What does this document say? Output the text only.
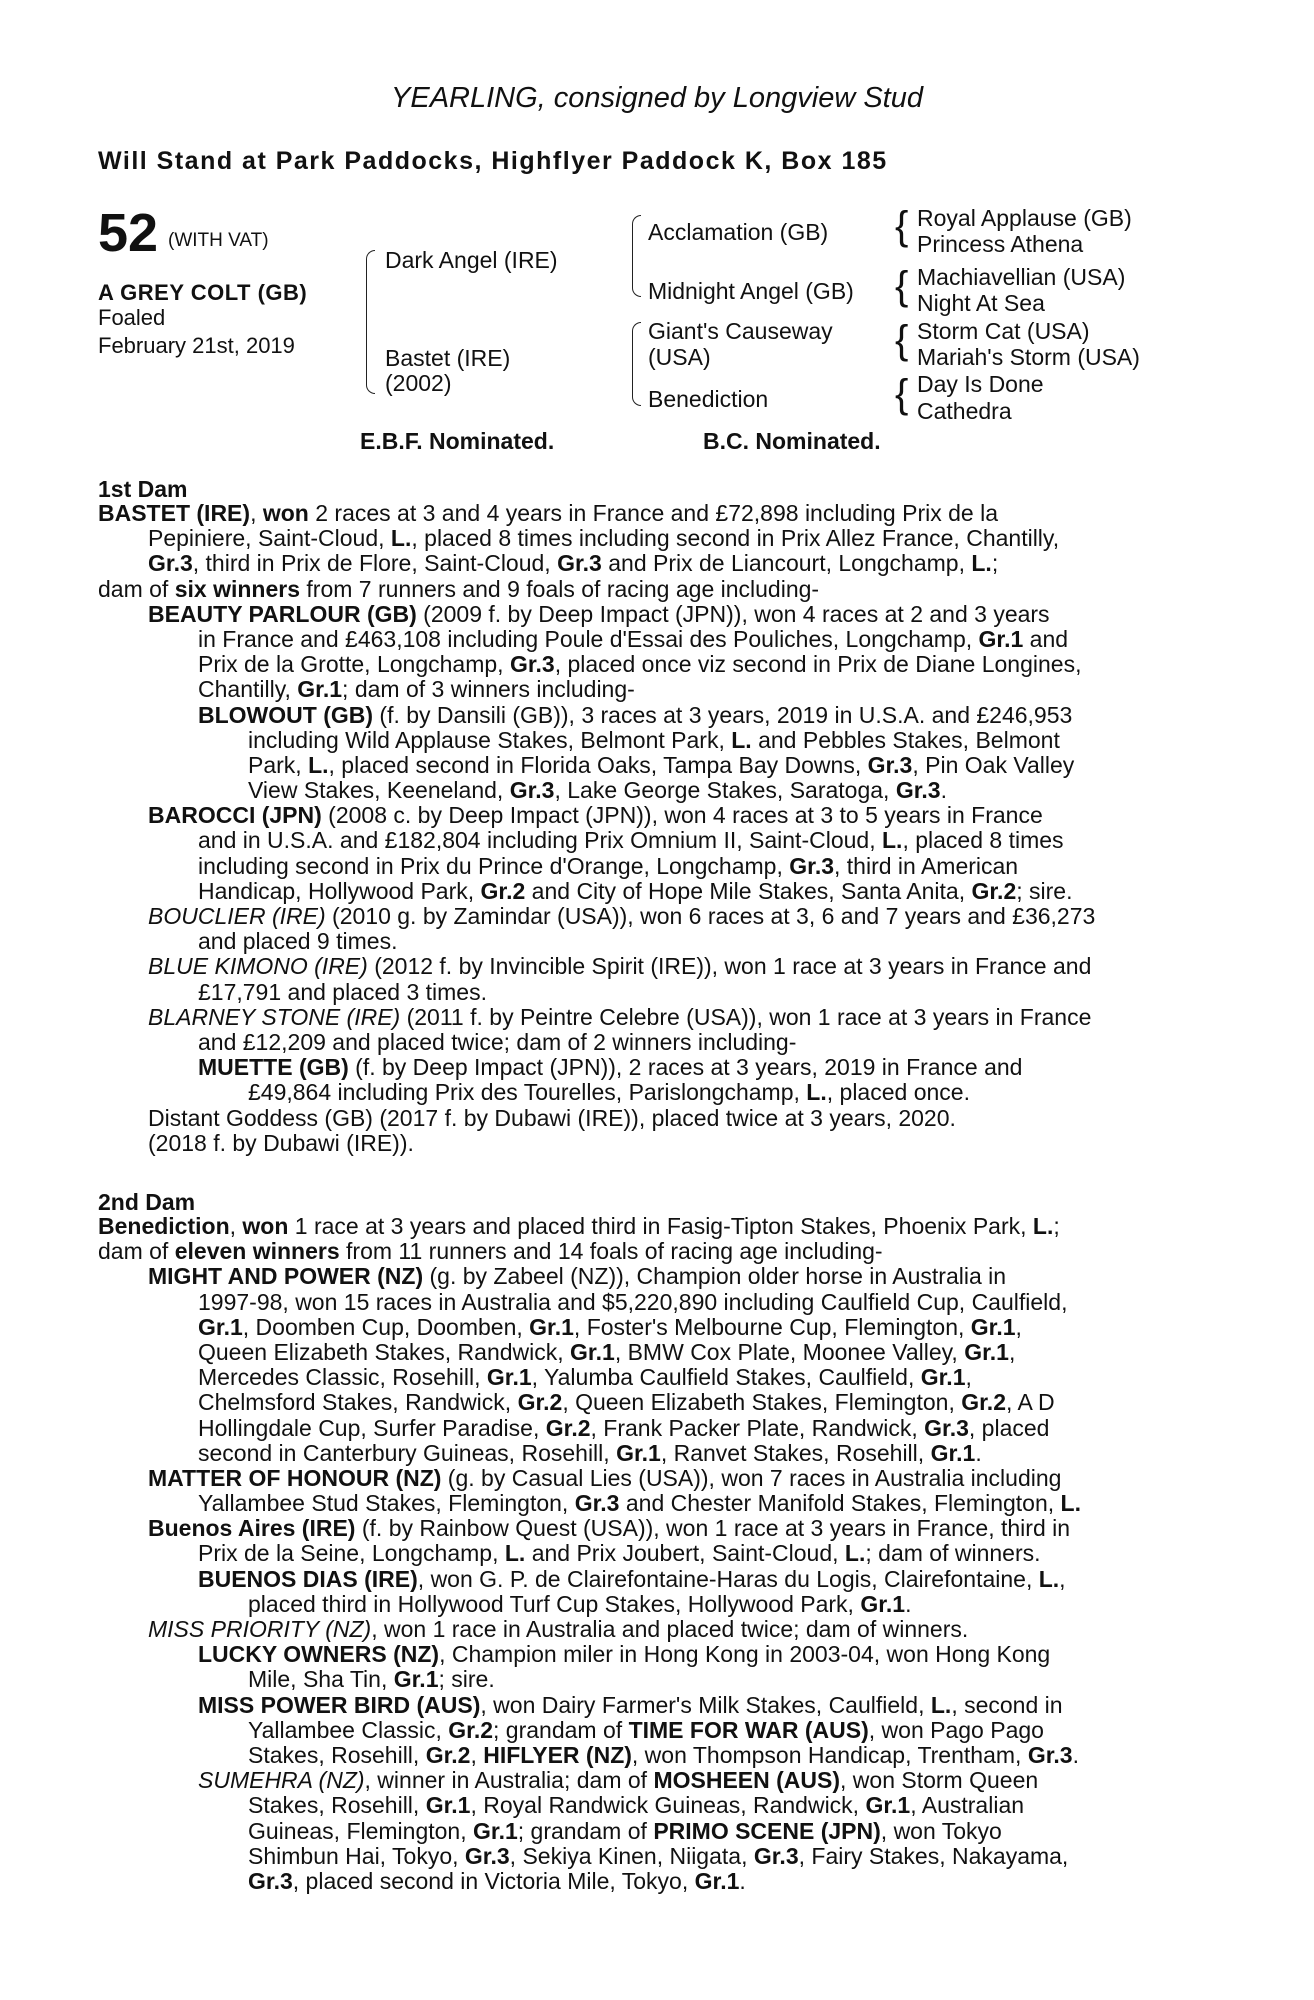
YEARLING, consigned by Longview Stud
Will Stand at Park Paddocks, Highflyer Paddock K, Box 185
52 (WITH VAT)
A GREY COLT (GB)
Foaled
February 21st, 2019
Dark Angel (IRE)
Bastet (IRE)
(2002)
Acclamation (GB)
Midnight Angel (GB)
Giant's Causeway
(USA)
Benediction
{ Royal Applause (GB)
Princess Athena
{ Machiavellian (USA)
Night At Sea
{ Storm Cat (USA)
Mariah's Storm (USA)
{ Day Is Done
Cathedra
E.B.F. Nominated.	B.C. Nominated.
1st Dam
BASTET (IRE), won 2 races at 3 and 4 years in France and £72,898 including Prix de la
Pepiniere, Saint-Cloud, L., placed 8 times including second in Prix Allez France, Chantilly,
Gr.3, third in Prix de Flore, Saint-Cloud, Gr.3 and Prix de Liancourt, Longchamp, L.;
dam of six winners from 7 runners and 9 foals of racing age including-
BEAUTY PARLOUR (GB) (2009 f. by Deep Impact (JPN)), won 4 races at 2 and 3 years
in France and £463,108 including Poule d'Essai des Pouliches, Longchamp, Gr.1 and
Prix de la Grotte, Longchamp, Gr.3, placed once viz second in Prix de Diane Longines,
Chantilly, Gr.1; dam of 3 winners including-
BLOWOUT (GB) (f. by Dansili (GB)), 3 races at 3 years, 2019 in U.S.A. and £246,953
including Wild Applause Stakes, Belmont Park, L. and Pebbles Stakes, Belmont
Park, L., placed second in Florida Oaks, Tampa Bay Downs, Gr.3, Pin Oak Valley
View Stakes, Keeneland, Gr.3, Lake George Stakes, Saratoga, Gr.3.
BAROCCI (JPN) (2008 c. by Deep Impact (JPN)), won 4 races at 3 to 5 years in France
and in U.S.A. and £182,804 including Prix Omnium II, Saint-Cloud, L., placed 8 times
including second in Prix du Prince d'Orange, Longchamp, Gr.3, third in American
Handicap, Hollywood Park, Gr.2 and City of Hope Mile Stakes, Santa Anita, Gr.2; sire.
BOUCLIER (IRE) (2010 g. by Zamindar (USA)), won 6 races at 3, 6 and 7 years and £36,273
and placed 9 times.
BLUE KIMONO (IRE) (2012 f. by Invincible Spirit (IRE)), won 1 race at 3 years in France and
£17,791 and placed 3 times.
BLARNEY STONE (IRE) (2011 f. by Peintre Celebre (USA)), won 1 race at 3 years in France
and £12,209 and placed twice; dam of 2 winners including-
MUETTE (GB) (f. by Deep Impact (JPN)), 2 races at 3 years, 2019 in France and
£49,864 including Prix des Tourelles, Parislongchamp, L., placed once.
Distant Goddess (GB) (2017 f. by Dubawi (IRE)), placed twice at 3 years, 2020.
(2018 f. by Dubawi (IRE)).
2nd Dam
Benediction, won 1 race at 3 years and placed third in Fasig-Tipton Stakes, Phoenix Park, L.;
dam of eleven winners from 11 runners and 14 foals of racing age including-
MIGHT AND POWER (NZ) (g. by Zabeel (NZ)), Champion older horse in Australia in
1997-98, won 15 races in Australia and $5,220,890 including Caulfield Cup, Caulfield,
Gr.1, Doomben Cup, Doomben, Gr.1, Foster's Melbourne Cup, Flemington, Gr.1,
Queen Elizabeth Stakes, Randwick, Gr.1, BMW Cox Plate, Moonee Valley, Gr.1,
Mercedes Classic, Rosehill, Gr.1, Yalumba Caulfield Stakes, Caulfield, Gr.1,
Chelmsford Stakes, Randwick, Gr.2, Queen Elizabeth Stakes, Flemington, Gr.2, A D
Hollingdale Cup, Surfer Paradise, Gr.2, Frank Packer Plate, Randwick, Gr.3, placed
second in Canterbury Guineas, Rosehill, Gr.1, Ranvet Stakes, Rosehill, Gr.1.
MATTER OF HONOUR (NZ) (g. by Casual Lies (USA)), won 7 races in Australia including
Yallambee Stud Stakes, Flemington, Gr.3 and Chester Manifold Stakes, Flemington, L.
Buenos Aires (IRE) (f. by Rainbow Quest (USA)), won 1 race at 3 years in France, third in
Prix de la Seine, Longchamp, L. and Prix Joubert, Saint-Cloud, L.; dam of winners.
BUENOS DIAS (IRE), won G. P. de Clairefontaine-Haras du Logis, Clairefontaine, L.,
placed third in Hollywood Turf Cup Stakes, Hollywood Park, Gr.1.
MISS PRIORITY (NZ), won 1 race in Australia and placed twice; dam of winners.
LUCKY OWNERS (NZ), Champion miler in Hong Kong in 2003-04, won Hong Kong
Mile, Sha Tin, Gr.1; sire.
MISS POWER BIRD (AUS), won Dairy Farmer's Milk Stakes, Caulfield, L., second in
Yallambee Classic, Gr.2; grandam of TIME FOR WAR (AUS), won Pago Pago
Stakes, Rosehill, Gr.2, HIFLYER (NZ), won Thompson Handicap, Trentham, Gr.3.
SUMEHRA (NZ), winner in Australia; dam of MOSHEEN (AUS), won Storm Queen
Stakes, Rosehill, Gr.1, Royal Randwick Guineas, Randwick, Gr.1, Australian
Guineas, Flemington, Gr.1; grandam of PRIMO SCENE (JPN), won Tokyo
Shimbun Hai, Tokyo, Gr.3, Sekiya Kinen, Niigata, Gr.3, Fairy Stakes, Nakayama,
Gr.3, placed second in Victoria Mile, Tokyo, Gr.1.
